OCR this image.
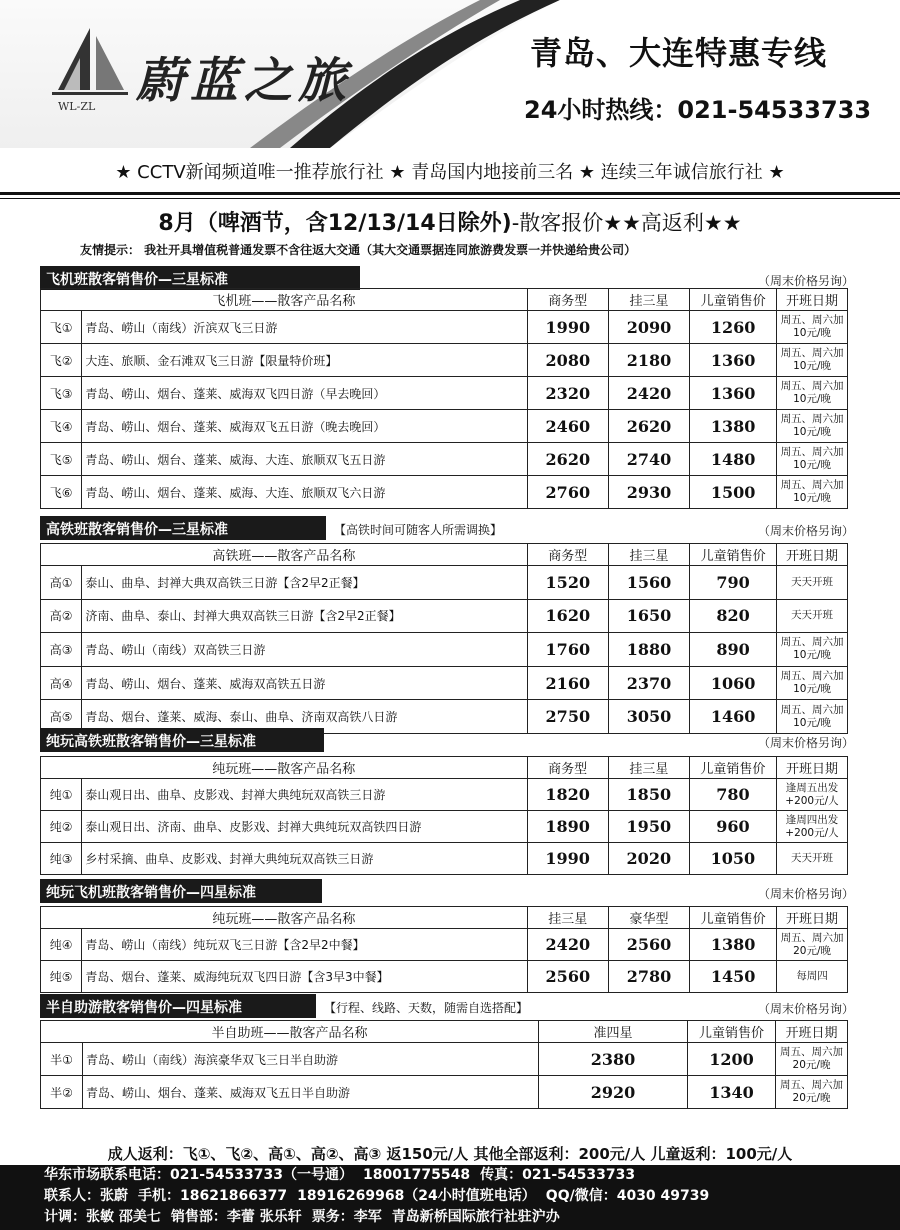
WL-ZL 蔚蓝之旅	青岛、大连特惠专线
24小时热线：021-54533733
★ CCTV新闻频道唯一推荐旅行社 ★ 青岛国内地接前三名 ★ 连续三年诚信旅行社 ★
8月（啤酒节，含12/13/14日除外)-散客报价★★高返利★★
友情提示： 我社开具增值税普通发票不含往返大交通（其大交通票据连同旅游费发票一并快递给贵公司）
飞机班散客销售价—三星标准	（周末价格另询）
飞机班——散客产品名称		商务型	挂三星	儿童销售价	开班日期
飞①	青岛、崂山（南线）沂滨双飞三日游	1990	2090	1260	周五、周六加10元/晚
飞②	大连、旅顺、金石滩双飞三日游【限量特价班】	2080	2180	1360	周五、周六加10元/晚
飞③	青岛、崂山、烟台、蓬莱、威海双飞四日游（早去晚回）	2320	2420	1360	周五、周六加10元/晚
飞④	青岛、崂山、烟台、蓬莱、威海双飞五日游（晚去晚回）	2460	2620	1380	周五、周六加10元/晚
飞⑤	青岛、崂山、烟台、蓬莱、威海、大连、旅顺双飞五日游	2620	2740	1480	周五、周六加10元/晚
飞⑥	青岛、崂山、烟台、蓬莱、威海、大连、旅顺双飞六日游	2760	2930	1500	周五、周六加10元/晚
高铁班散客销售价—三星标准	【高铁时间可随客人所需调换】	（周末价格另询）
高铁班——散客产品名称		商务型	挂三星	儿童销售价	开班日期
高①	泰山、曲阜、封禅大典双高铁三日游【含2早2正餐】	1520	1560	790	天天开班
高②	济南、曲阜、泰山、封禅大典双高铁三日游【含2早2正餐】	1620	1650	820	天天开班
高③	青岛、崂山（南线）双高铁三日游	1760	1880	890	周五、周六加10元/晚
高④	青岛、崂山、烟台、蓬莱、威海双高铁五日游	2160	2370	1060	周五、周六加10元/晚
高⑤	青岛、烟台、蓬莱、威海、泰山、曲阜、济南双高铁八日游	2750	3050	1460	周五、周六加10元/晚
纯玩高铁班散客销售价—三星标准	（周末价格另询）
纯玩班——散客产品名称		商务型	挂三星	儿童销售价	开班日期
纯①	泰山观日出、曲阜、皮影戏、封禅大典纯玩双高铁三日游	1820	1850	780	逢周五出发+200元/人
纯②	泰山观日出、济南、曲阜、皮影戏、封禅大典纯玩双高铁四日游	1890	1950	960	逢周四出发+200元/人
纯③	乡村采摘、曲阜、皮影戏、封禅大典纯玩双高铁三日游	1990	2020	1050	天天开班
纯玩飞机班散客销售价—四星标准	（周末价格另询）
纯玩班——散客产品名称		挂三星	豪华型	儿童销售价	开班日期
纯④	青岛、崂山（南线）纯玩双飞三日游【含2早2中餐】	2420	2560	1380	周五、周六加20元/晚
纯⑤	青岛、烟台、蓬莱、威海纯玩双飞四日游【含3早3中餐】	2560	2780	1450	每周四
半自助游散客销售价—四星标准	【行程、线路、天数，随需自选搭配】	（周末价格另询）
半自助班——散客产品名称		准四星	儿童销售价	开班日期
半①	青岛、崂山（南线）海滨豪华双飞三日半自助游	2380	1200	周五、周六加20元/晚
半②	青岛、崂山、烟台、蓬莱、威海双飞五日半自助游	2920	1340	周五、周六加20元/晚
成人返利：飞①、飞②、高①、高②、高③ 返150元/人 其他全部返利：200元/人 儿童返利：100元/人
华东市场联系电话：021-54533733（一号通） 18001775548 传真：021-54533733
联系人：张蔚 手机：18621866377 18916269968（24小时值班电话） QQ/微信：4030 49739
计调：张敏 邵美七 销售部：李蕾 张乐轩 票务：李军 青岛新桥国际旅行社驻沪办
